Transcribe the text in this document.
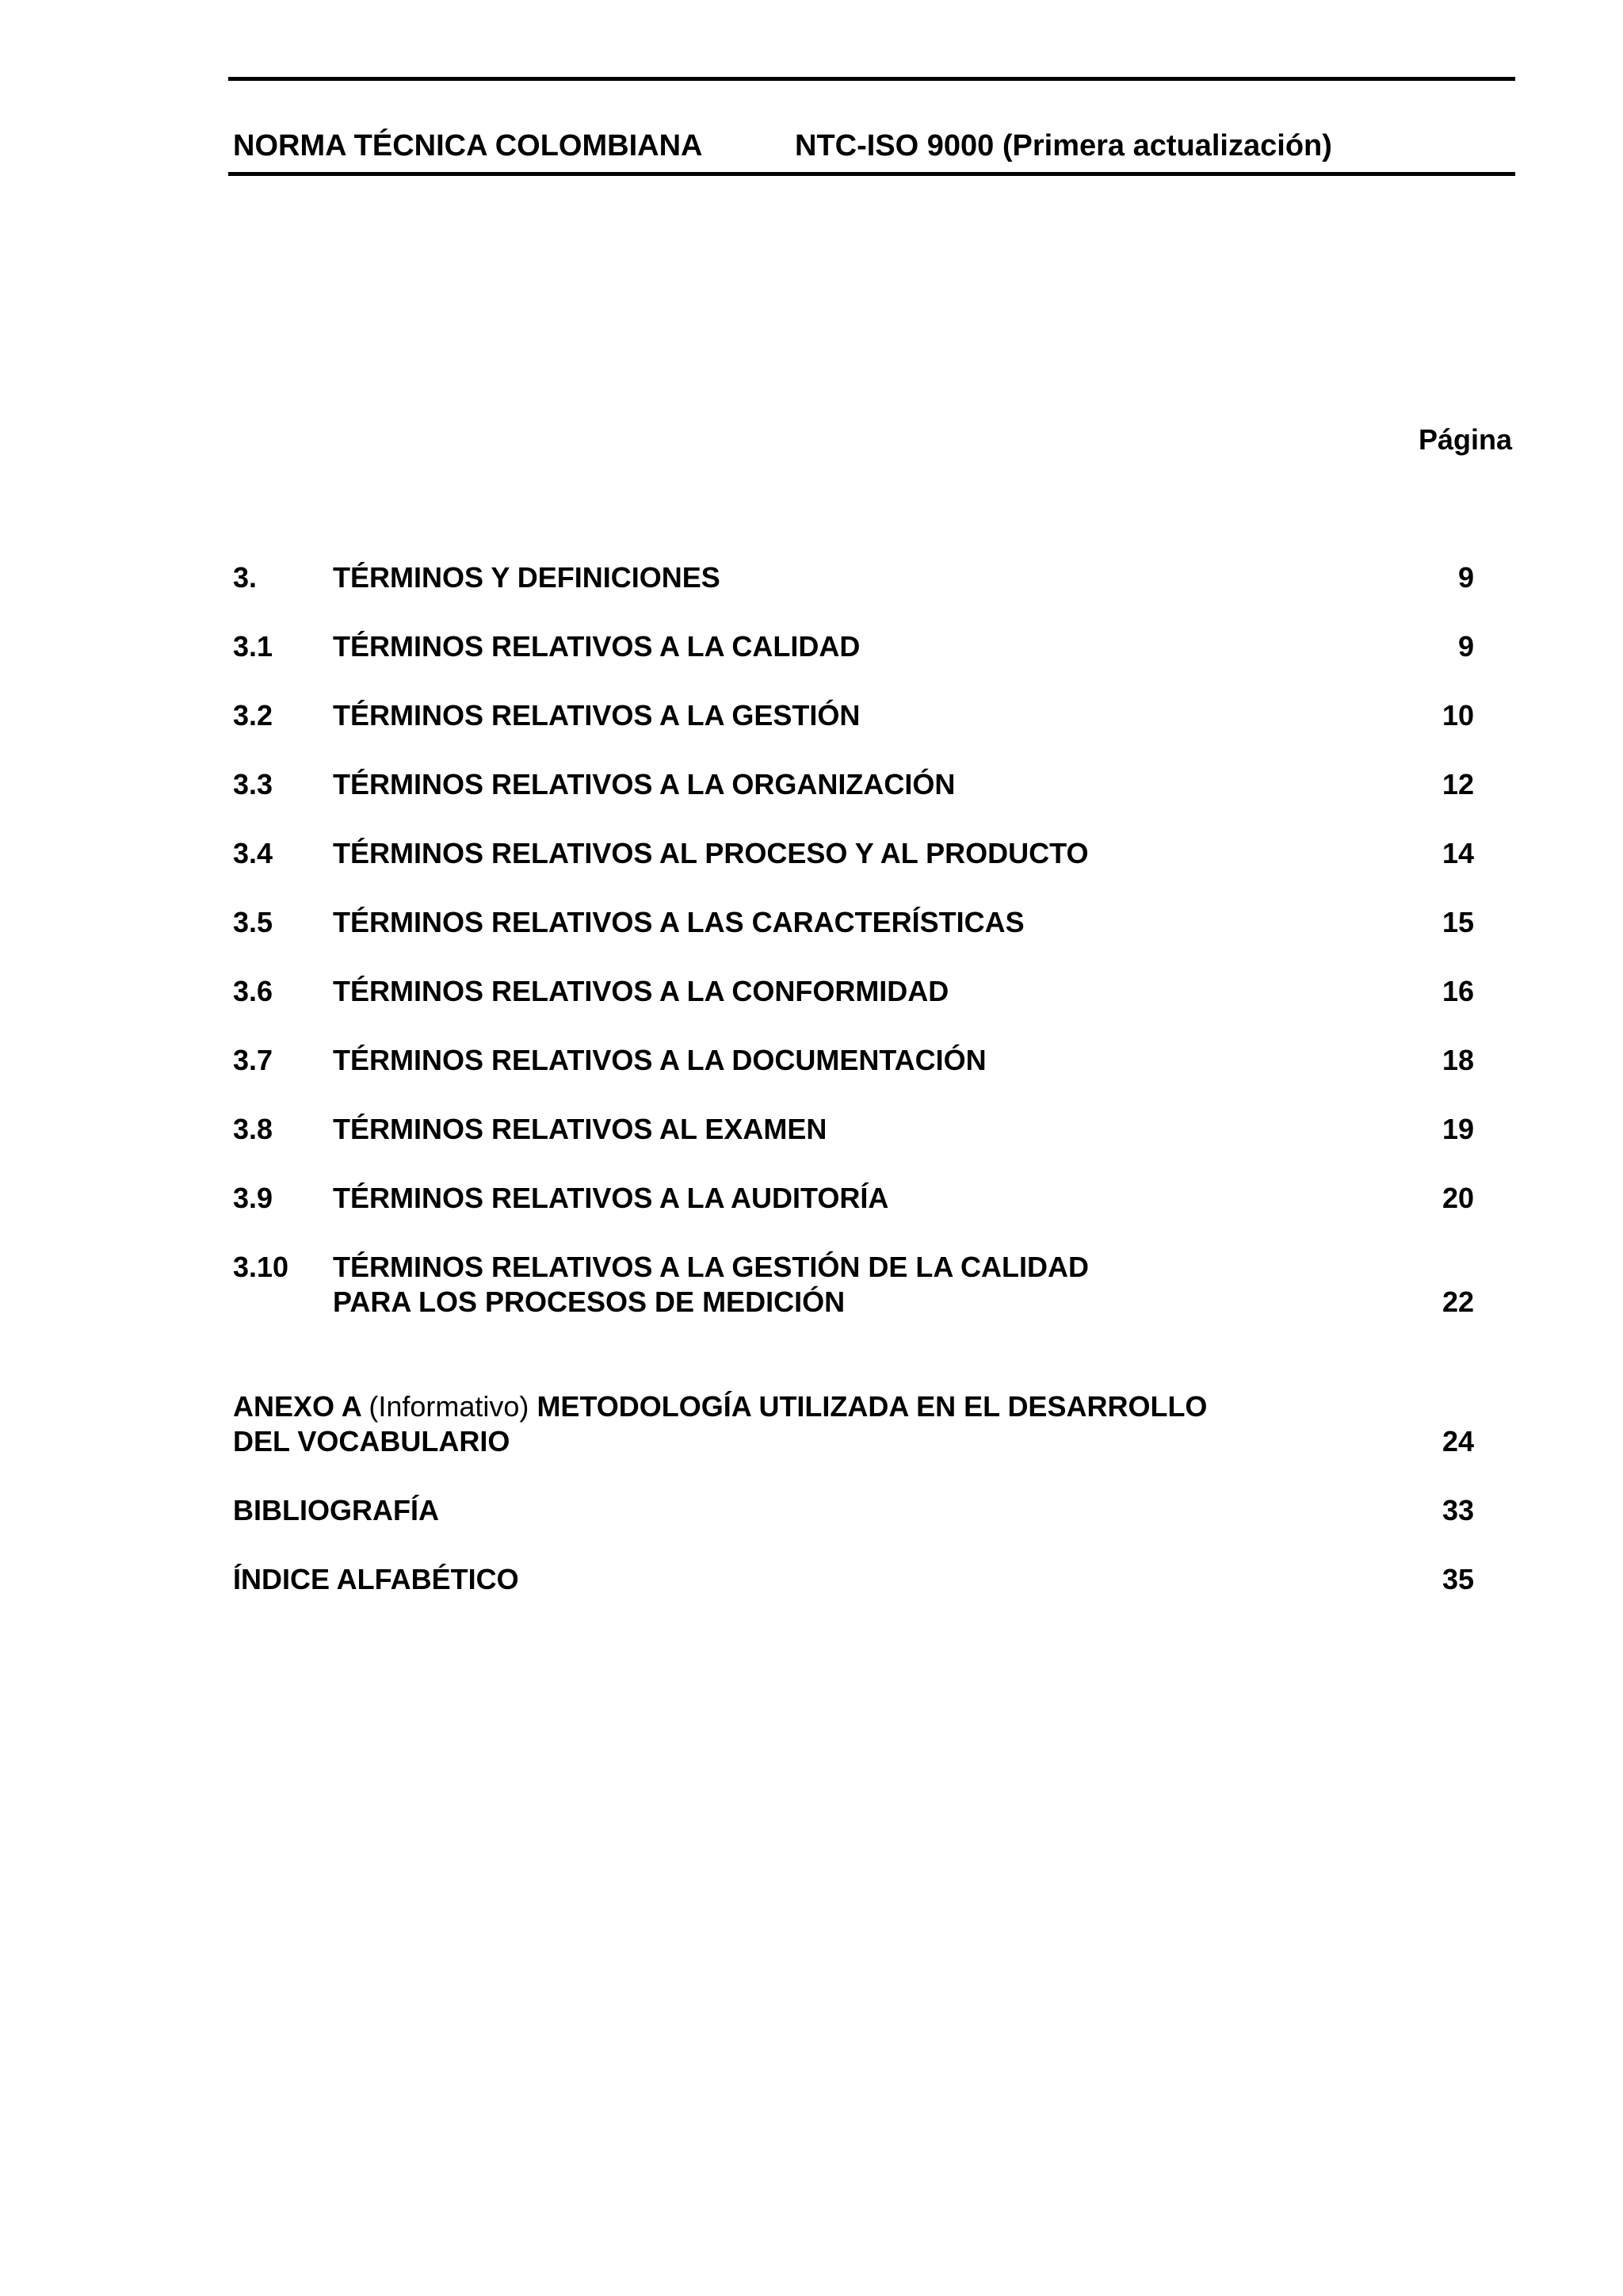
NORMA TÉCNICA COLOMBIANA	NTC-ISO 9000 (Primera actualización)
Página
3.	TÉRMINOS Y DEFINICIONES	9
3.1 TÉRMINOS RELATIVOS A LA CALIDAD	9
3.2 TÉRMINOS RELATIVOS A LA GESTIÓN	10
3.3 TÉRMINOS RELATIVOS A LA ORGANIZACIÓN	12
3.4 TÉRMINOS RELATIVOS AL PROCESO Y AL PRODUCTO	14
3.5 TÉRMINOS RELATIVOS A LAS CARACTERÍSTICAS	15
3.6 TÉRMINOS RELATIVOS A LA CONFORMIDAD	16
3.7 TÉRMINOS RELATIVOS A LA DOCUMENTACIÓN	18
3.8 TÉRMINOS RELATIVOS AL EXAMEN	19
3.9 TÉRMINOS RELATIVOS A LA AUDITORÍA	20
3.10 TÉRMINOS RELATIVOS A LA GESTIÓN DE LA CALIDAD
PARA LOS PROCESOS DE MEDICIÓN	22
ANEXO A (Informativo) METODOLOGÍA UTILIZADA EN EL DESARROLLO
DEL VOCABULARIO	24
BIBLIOGRAFÍA	33
ÍNDICE ALFABÉTICO	35
